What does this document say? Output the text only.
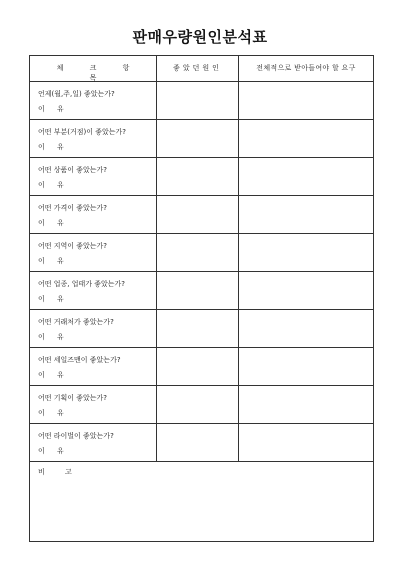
판매우량원인분석표
체 크 항 목
좋았던원인	전체적으로 받아들여야 할 요구
언제(월,주,일) 좋았는가?
이 유
어떤 부분(거점)이 좋았는가?
이 유
어떤 상품이 좋았는가?
이 유
어떤 가격이 좋았는가?
이 유
어떤 지역이 좋았는가?
이 유
어떤 업종, 업태가 좋았는가?
이 유
어떤 거래처가 좋았는가?
이 유
어떤 세일즈맨이 좋았는가?
이 유
어떤 기획이 좋았는가?
이 유
어떤 라이벌이 좋았는가?
이 유
비 고
